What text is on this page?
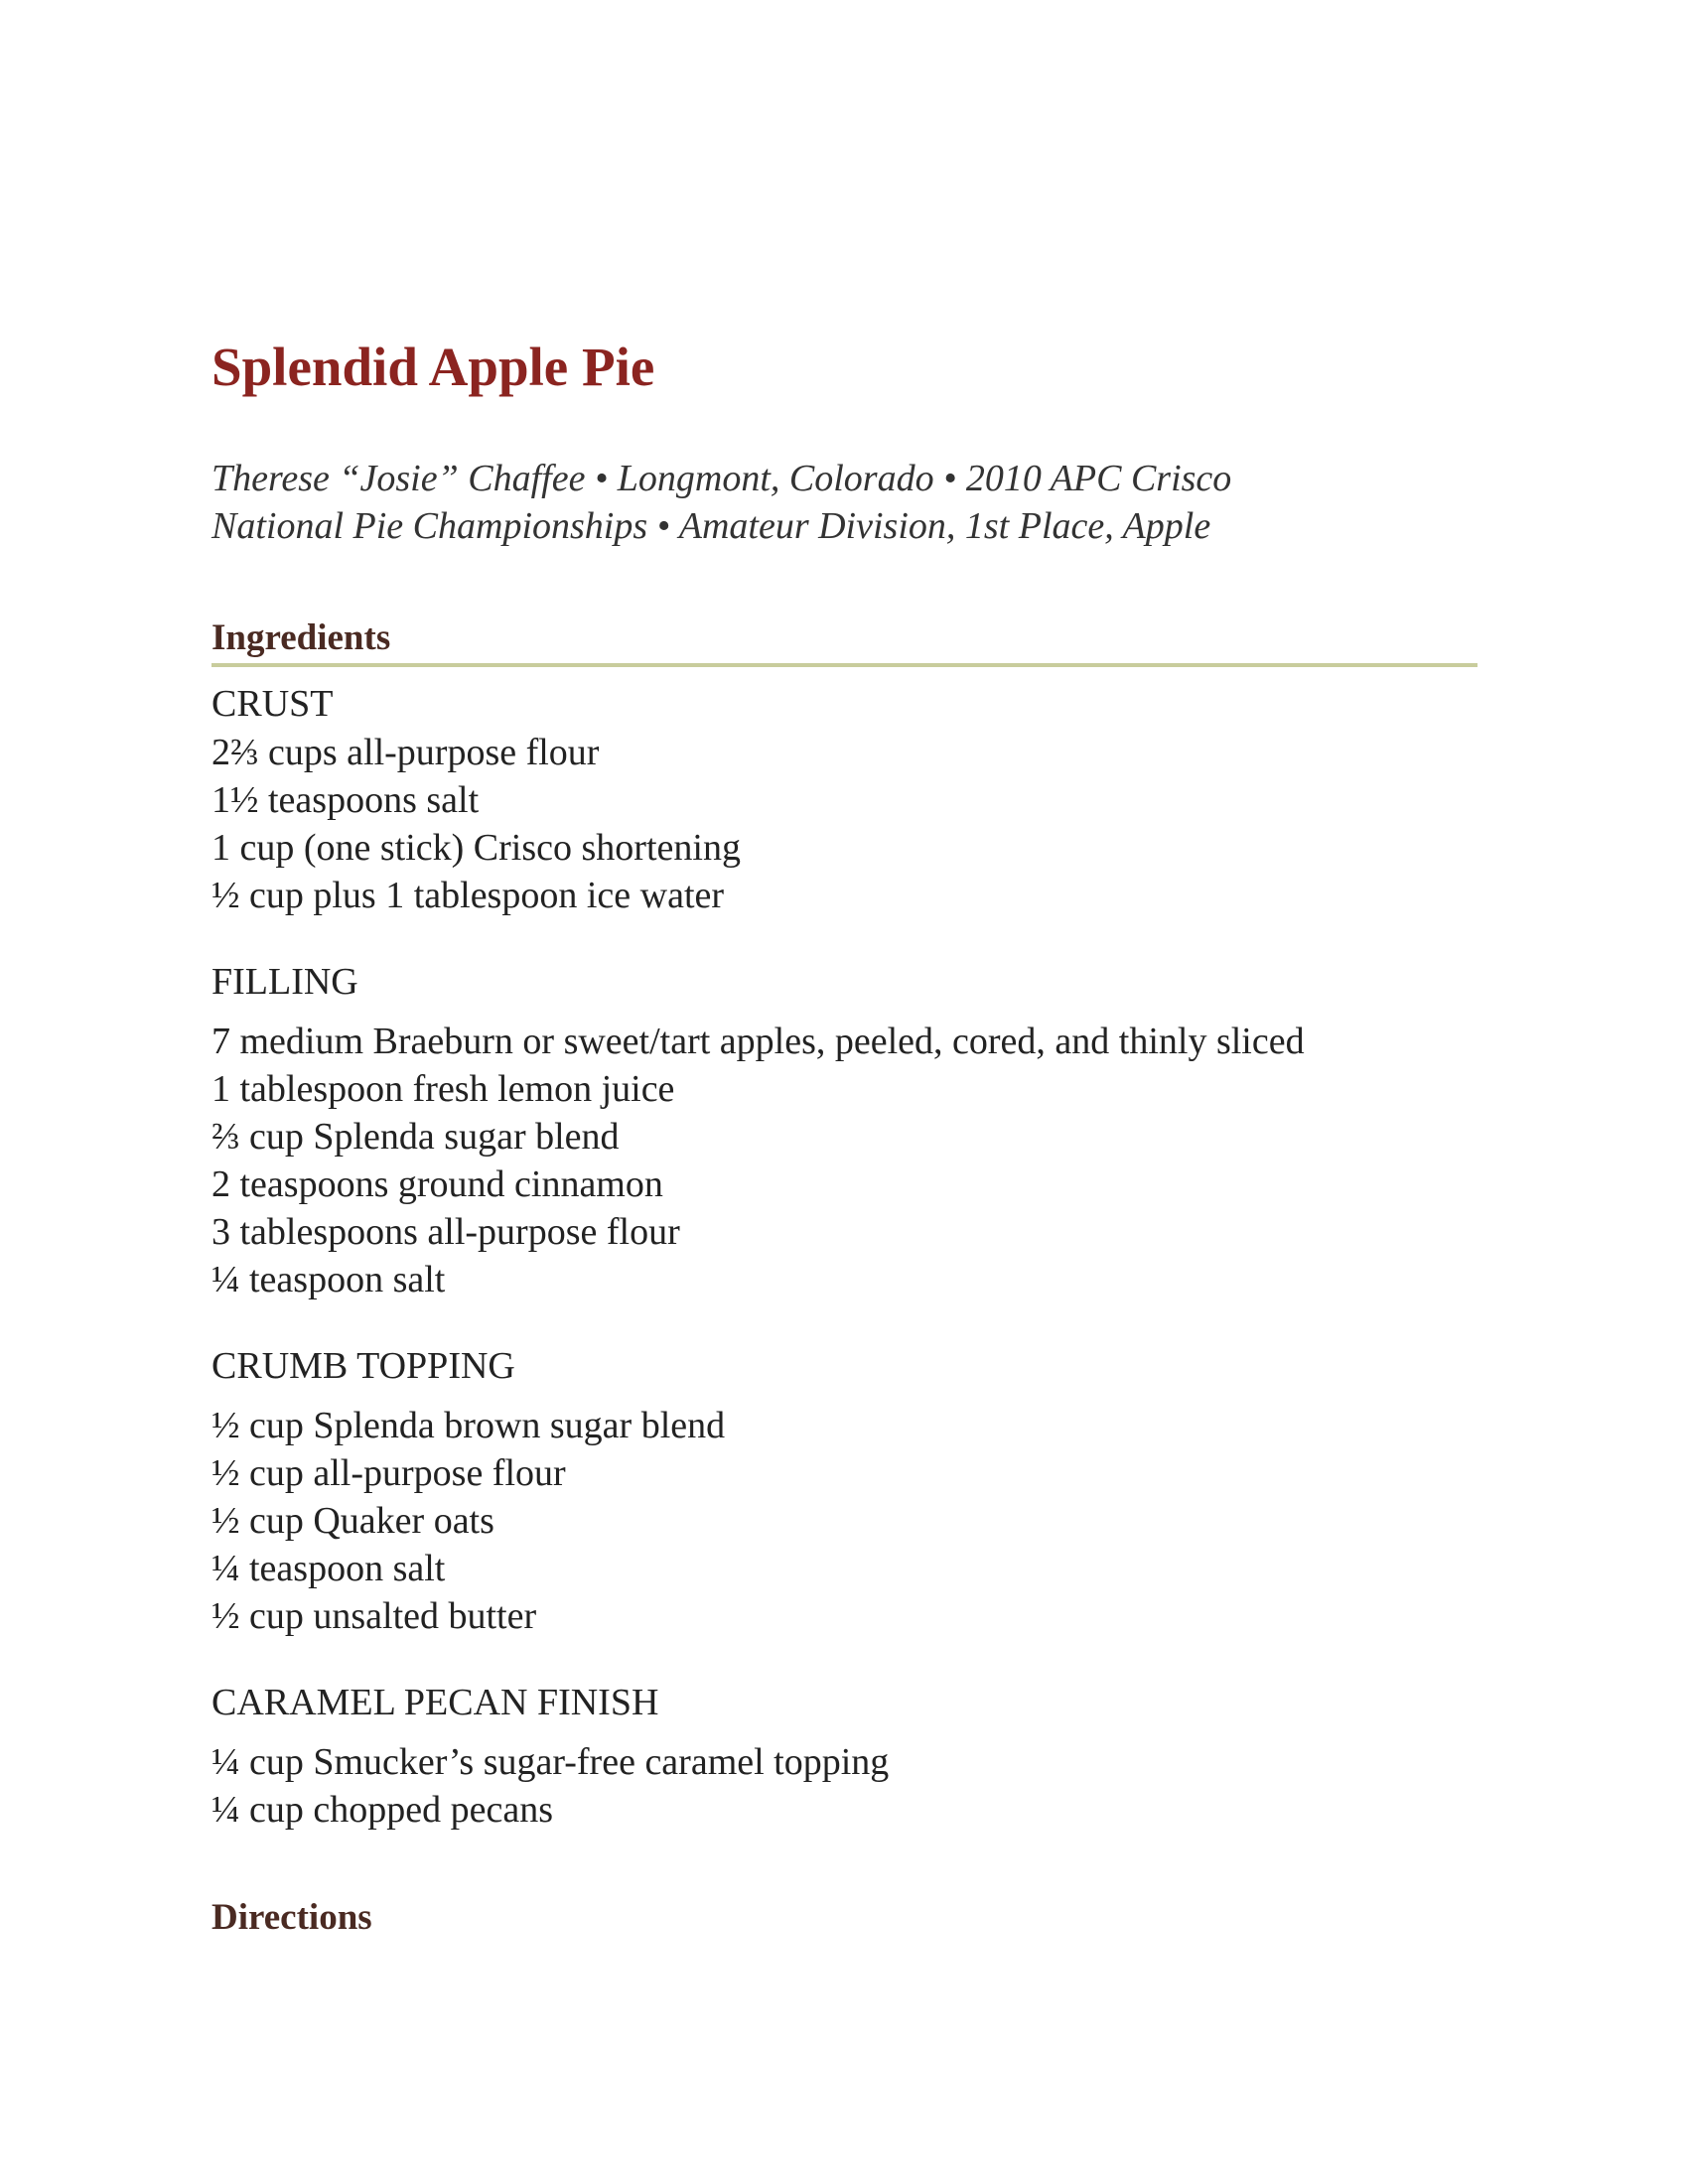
Splendid Apple Pie

Therese “Josie” Chaffee • Longmont, Colorado • 2010 APC Crisco
National Pie Championships • Amateur Division, 1st Place, Apple

Ingredients

CRUST

2⅔ cups all-purpose flour
1½ teaspoons salt
1 cup (one stick) Crisco shortening
½ cup plus 1 tablespoon ice water

FILLING

7 medium Braeburn or sweet/tart apples, peeled, cored, and thinly sliced
1 tablespoon fresh lemon juice
⅔ cup Splenda sugar blend
2 teaspoons ground cinnamon
3 tablespoons all-purpose flour
¼ teaspoon salt

CRUMB TOPPING

½ cup Splenda brown sugar blend
½ cup all-purpose flour
½ cup Quaker oats
¼ teaspoon salt
½ cup unsalted butter

CARAMEL PECAN FINISH

¼ cup Smucker’s sugar-free caramel topping
¼ cup chopped pecans
Directions
